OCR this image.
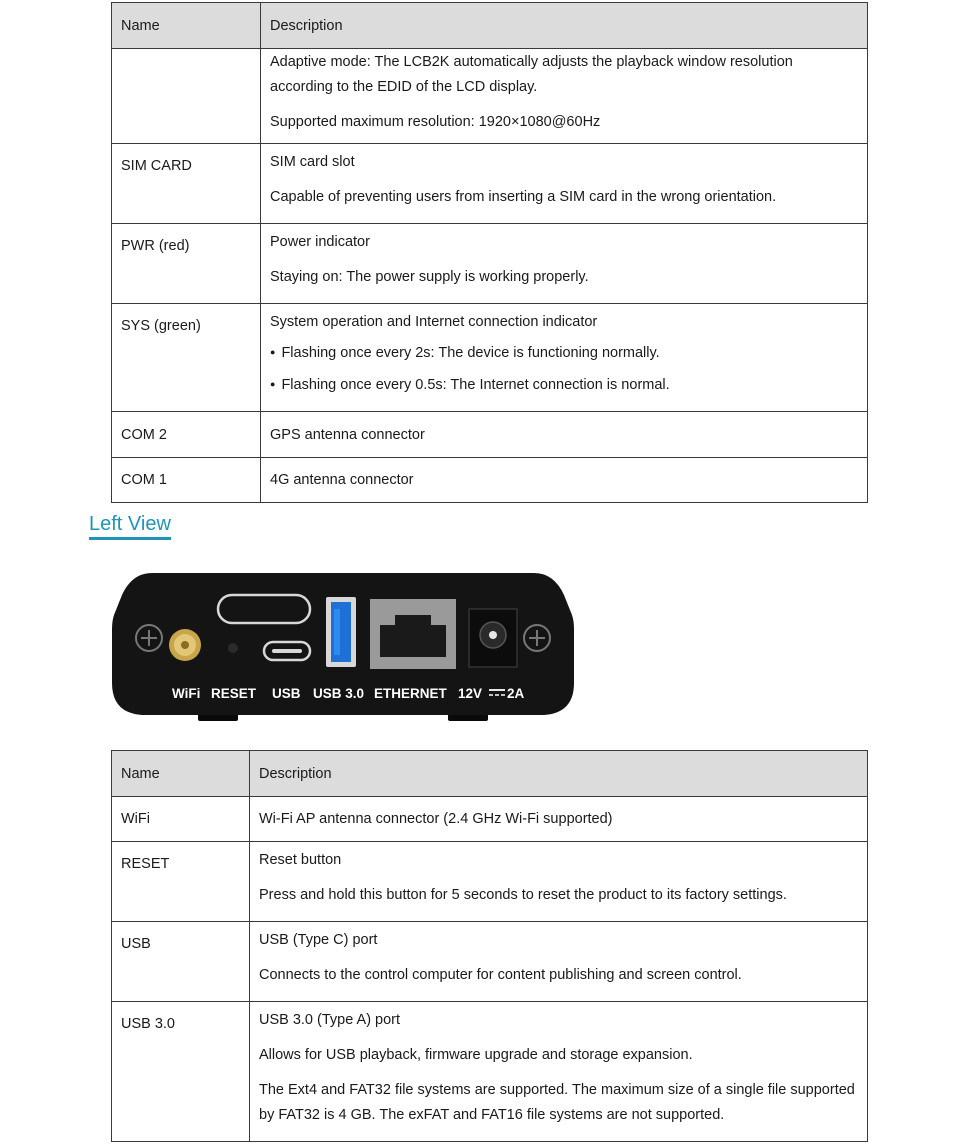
Name	Description

	Adaptive mode: The LCB2K automatically adjusts the playback window resolution according to the EDID of the LCD display.

Supported maximum resolution: 1920×1080@60Hz

SIM CARD	SIM card slot

Capable of preventing users from inserting a SIM card in the wrong orientation.

PWR (red)	Power indicator

Staying on: The power supply is working properly.

SYS (green)	System operation and Internet connection indicator

● Flashing once every 2s: The device is functioning normally.

● Flashing once every 0.5s: The Internet connection is normal.

COM 2	GPS antenna connector
COM 1	4G antenna connector
Left View
WiFi RESET USB USB 3.0 ETHERNET 12V 2A
Name	Description
WiFi	Wi-Fi AP antenna connector (2.4 GHz Wi-Fi supported)
RESET	Reset button

Press and hold this button for 5 seconds to reset the product to its factory settings.

USB	USB (Type C) port

Connects to the control computer for content publishing and screen control.

USB 3.0	USB 3.0 (Type A) port

Allows for USB playback, firmware upgrade and storage expansion.

The Ext4 and FAT32 file systems are supported. The maximum size of a single file supported by FAT32 is 4 GB. The exFAT and FAT16 file systems are not supported.
